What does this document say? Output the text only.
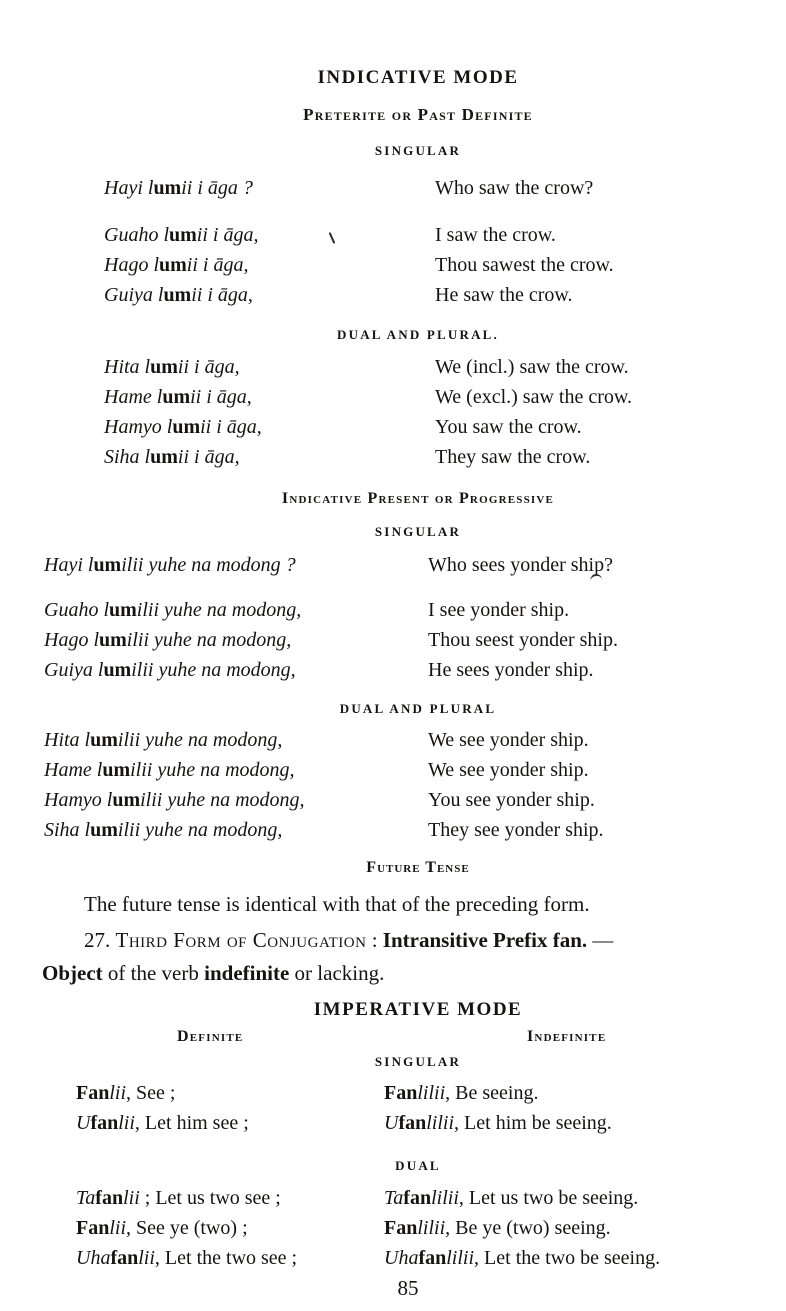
INDICATIVE MODE
Preterite or Past Definite
SINGULAR
Hayi lumii i āga ?	Who saw the crow?
Guaho lumii i āga,	I saw the crow.
Hago lumii i āga,	Thou sawest the crow.
Guiya lumii i āga,	He saw the crow.
DUAL AND PLURAL.
Hita lumii i āga,	We (incl.) saw the crow.
Hame lumii i āga,	We (excl.) saw the crow.
Hamyo lumii i āga,	You saw the crow.
Siha lumii i āga,	They saw the crow.
Indicative Present or Progressive
SINGULAR
Hayi lumilii yuhe na modong ?	Who sees yonder ship?
Guaho lumilii yuhe na modong,	I see yonder ship.
Hago lumilii yuhe na modong,	Thou seest yonder ship.
Guiya lumilii yuhe na modong,	He sees yonder ship.
DUAL AND PLURAL
Hita lumilii yuhe na modong,	We see yonder ship.
Hame lumilii yuhe na modong,	We see yonder ship.
Hamyo lumilii yuhe na modong,	You see yonder ship.
Siha lumilii yuhe na modong,	They see yonder ship.
Future Tense

The future tense is identical with that of the preceding form.

27. Third Form of Conjugation : Intransitive Prefix fan. —
Object of the verb indefinite or lacking.
IMPERATIVE MODE
Definite	Indefinite
SINGULAR
Fanlii, See ;	Fanlilii, Be seeing.
Ufanlii, Let him see ;	Ufanlilii, Let him be seeing.
DUAL
Tafanlii ; Let us two see ;	Tafanlilii, Let us two be seeing.
Fanlii, See ye (two) ;	Fanlilii, Be ye (two) seeing.
Uhafanlii, Let the two see ;	Uhafanlilii, Let the two be seeing.
85
